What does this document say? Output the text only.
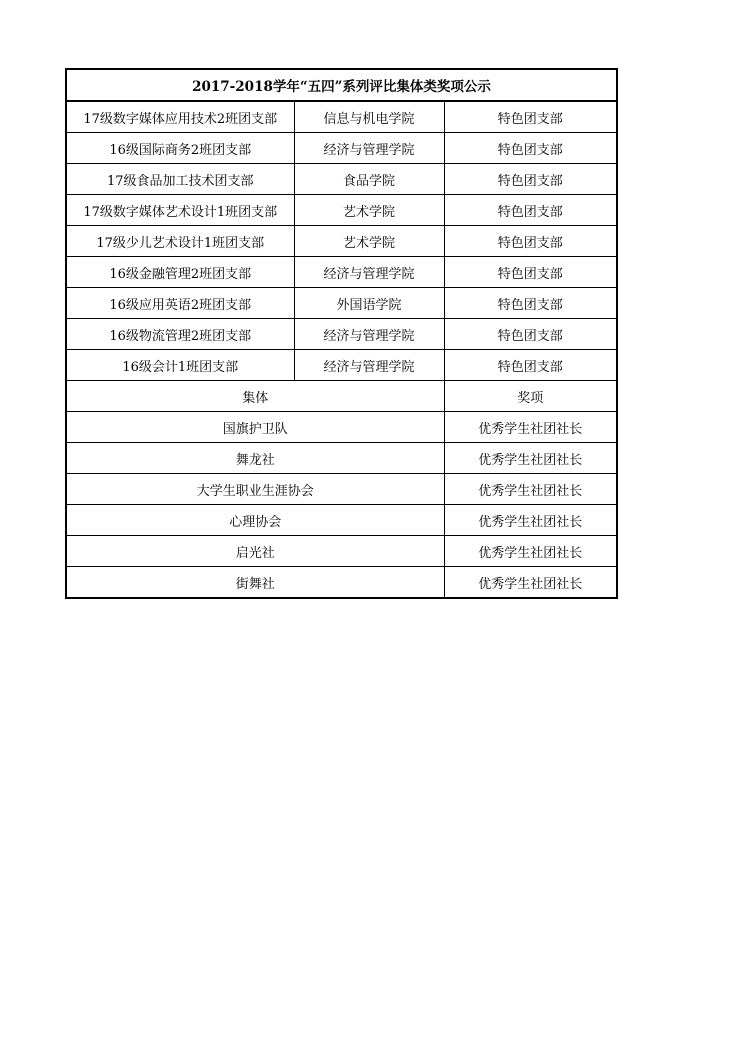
2017-2018学年“五四”系列评比集体类奖项公示		
17级数字媒体应用技术2班团支部	信息与机电学院	特色团支部
16级国际商务2班团支部	经济与管理学院	特色团支部
17级食品加工技术团支部	食品学院	特色团支部
17级数字媒体艺术设计1班团支部	艺术学院	特色团支部
17级少儿艺术设计1班团支部	艺术学院	特色团支部
16级金融管理2班团支部	经济与管理学院	特色团支部
16级应用英语2班团支部	外国语学院	特色团支部
16级物流管理2班团支部	经济与管理学院	特色团支部
16级会计1班团支部	经济与管理学院	特色团支部
集体		奖项
国旗护卫队		优秀学生社团社长
舞龙社		优秀学生社团社长
大学生职业生涯协会		优秀学生社团社长
心理协会		优秀学生社团社长
启光社		优秀学生社团社长
街舞社		优秀学生社团社长
